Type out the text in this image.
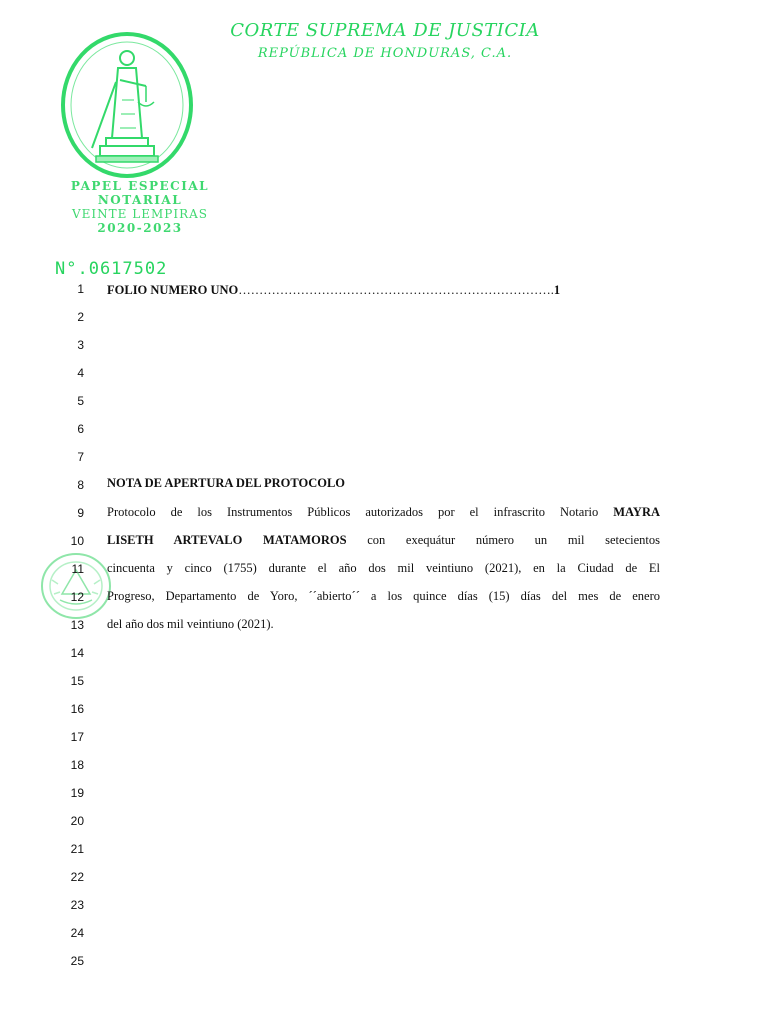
CORTE SUPREMA DE JUSTICIA
REPÚBLICA DE HONDURAS, C.A.
PAPEL ESPECIAL
NOTARIAL
VEINTE LEMPIRAS
2020-2023
N°.0617502
1
2
3
4
5
6
7
8
9
10
11
12
13
14
15
16
17
18
19
20
21
22
23
24
25
FOLIO NUMERO UNO………………………………………………………………….1
NOTA DE APERTURA DEL PROTOCOLO
Protocolo de los Instrumentos Públicos autorizados por el infrascrito Notario MAYRA
LISETH ARTEVALO MATAMOROS con exequátur número un mil setecientos
cincuenta y cinco (1755) durante el año dos mil veintiuno (2021), en la Ciudad de El
Progreso, Departamento de Yoro, ´´abierto´´ a los quince días (15) días del mes de enero
del año dos mil veintiuno (2021).
